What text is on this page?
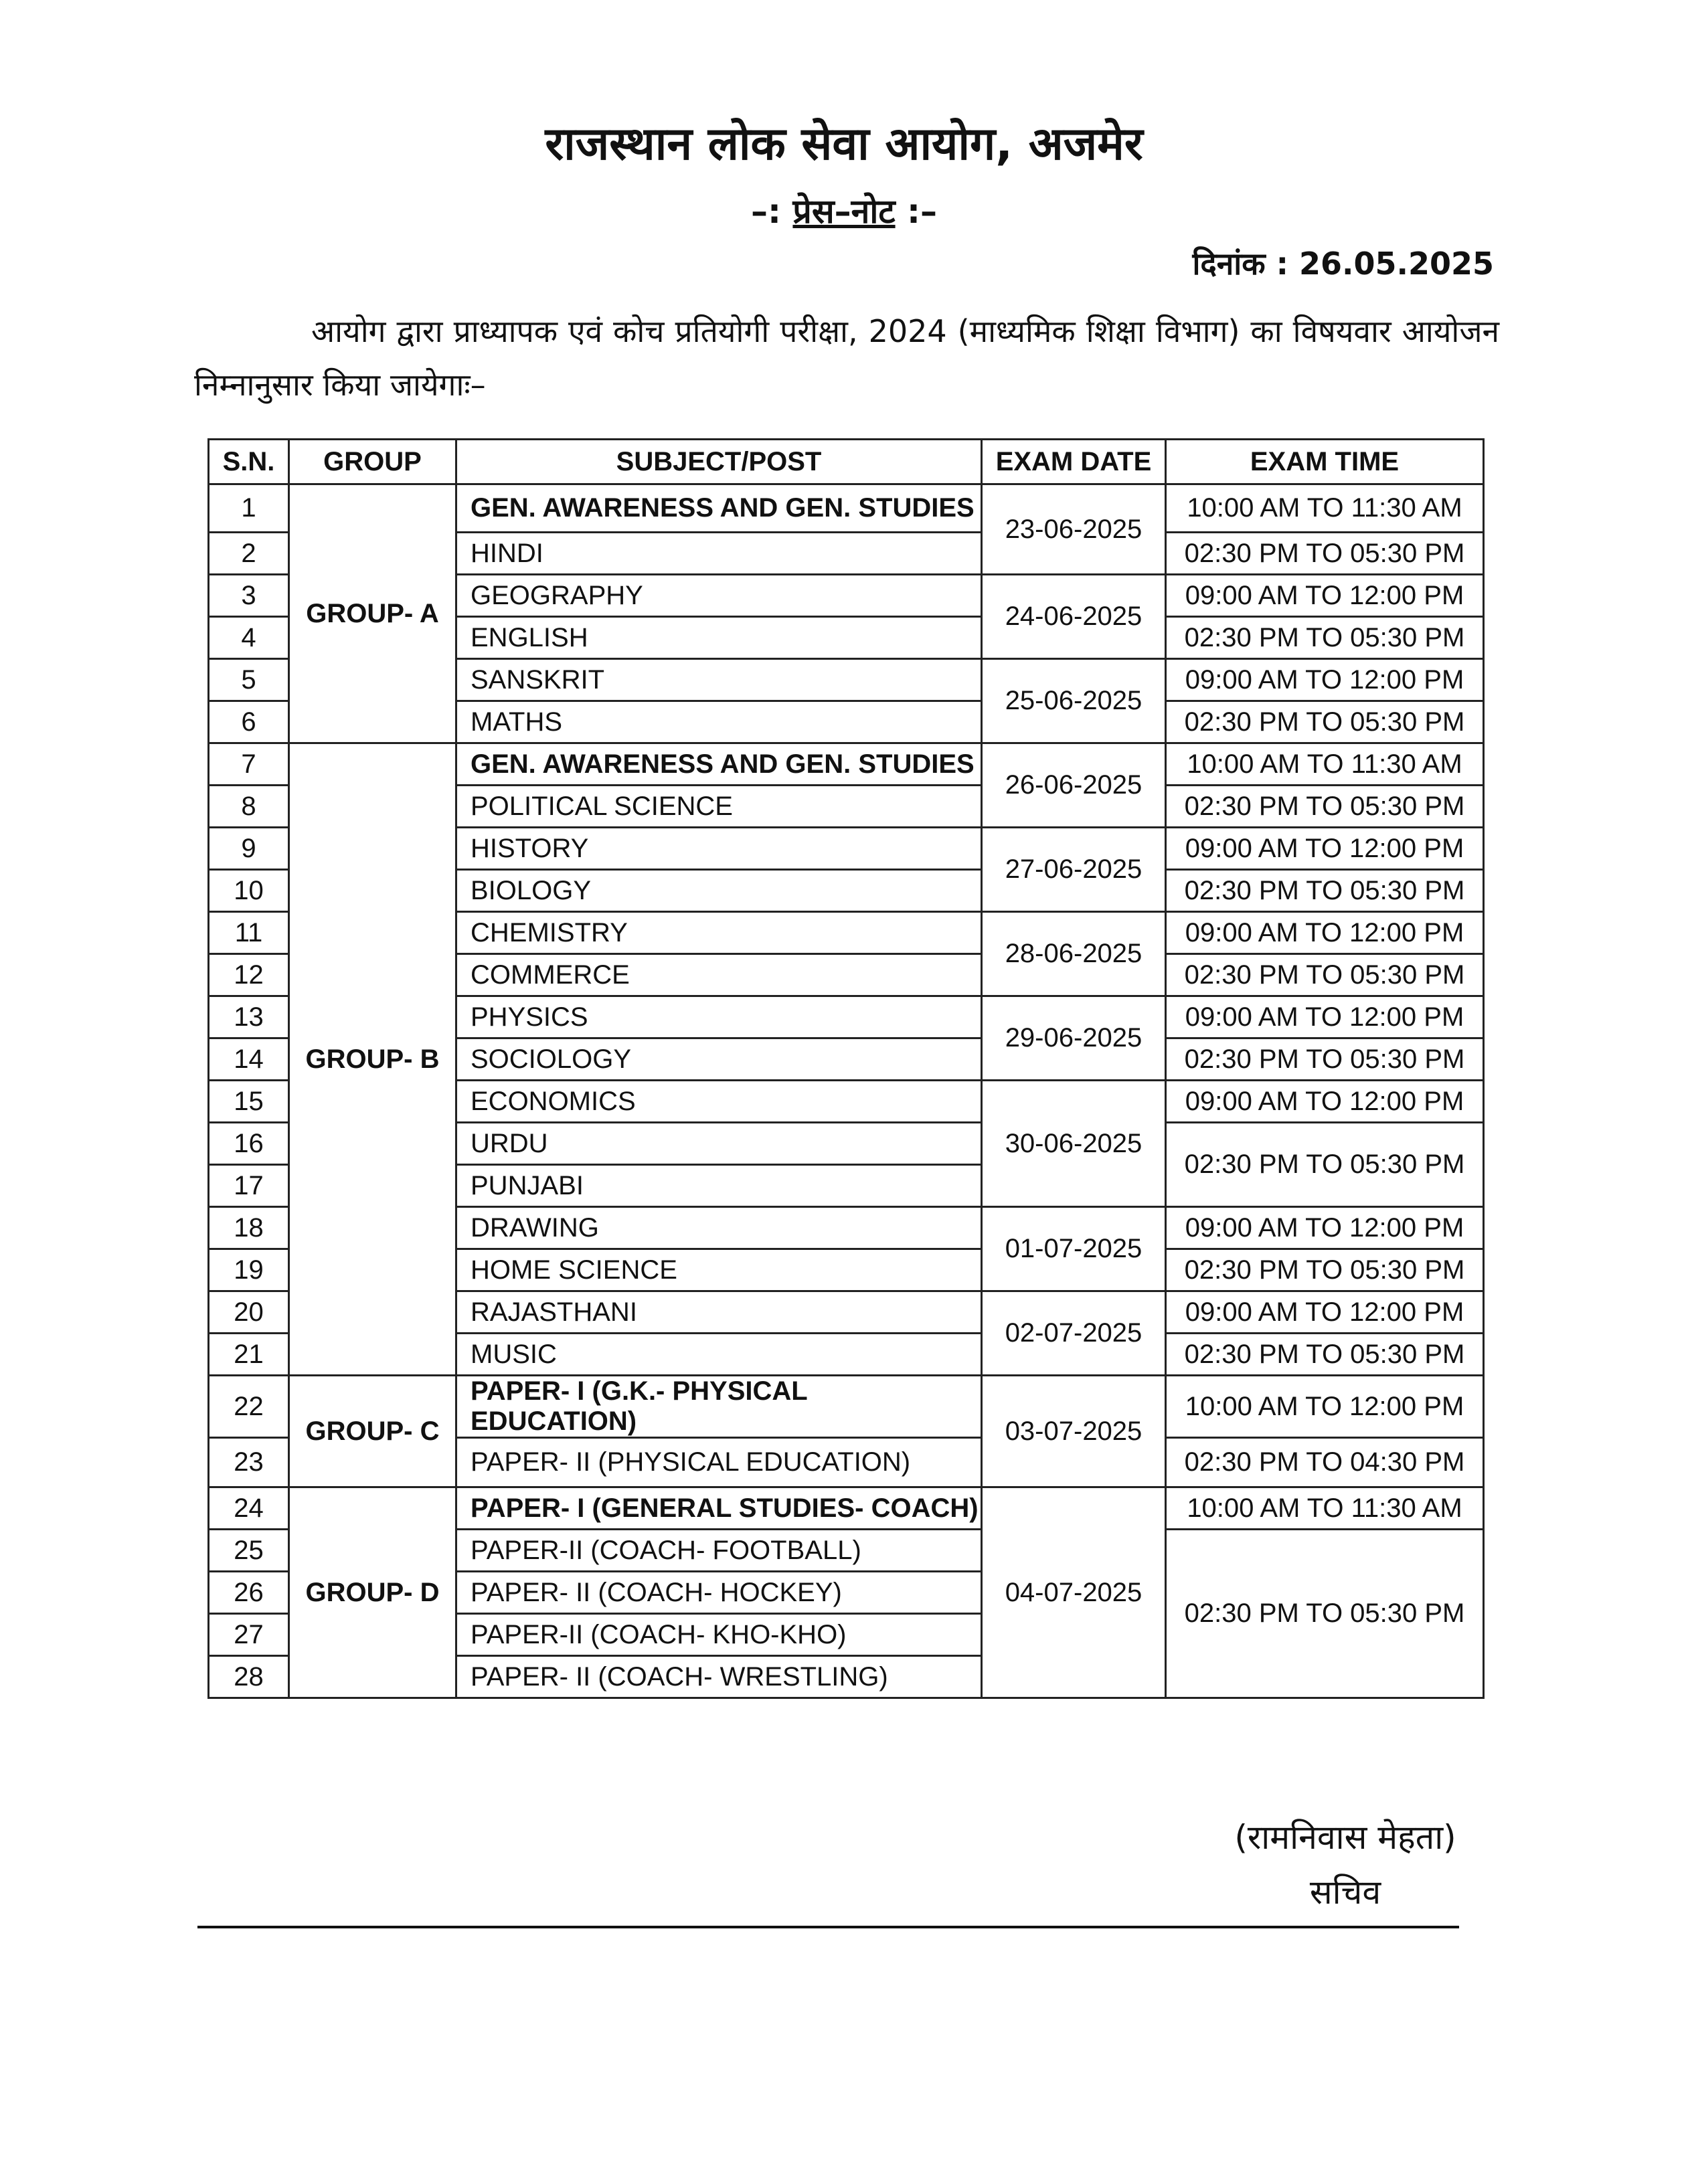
राजस्थान लोक सेवा आयोग, अजमेर
–: प्रेस–नोट :–
दिनांक : 26.05.2025
आयोग द्वारा प्राध्यापक एवं कोच प्रतियोगी परीक्षा, 2024 (माध्यमिक शिक्षा विभाग) का विषयवार आयोजन निम्नानुसार किया जायेगाः–
S.N.	GROUP	SUBJECT/POST	EXAM DATE	EXAM TIME
1	GROUP- A	GEN. AWARENESS AND GEN. STUDIES	23-06-2025	10:00 AM TO 11:30 AM
2		HINDI		02:30 PM TO 05:30 PM
3		GEOGRAPHY	24-06-2025	09:00 AM TO 12:00 PM
4		ENGLISH		02:30 PM TO 05:30 PM
5		SANSKRIT	25-06-2025	09:00 AM TO 12:00 PM
6		MATHS		02:30 PM TO 05:30 PM
7	GROUP- B	GEN. AWARENESS AND GEN. STUDIES	26-06-2025	10:00 AM TO 11:30 AM
8		POLITICAL SCIENCE		02:30 PM TO 05:30 PM
9		HISTORY	27-06-2025	09:00 AM TO 12:00 PM
10		BIOLOGY		02:30 PM TO 05:30 PM
11		CHEMISTRY	28-06-2025	09:00 AM TO 12:00 PM
12		COMMERCE		02:30 PM TO 05:30 PM
13		PHYSICS	29-06-2025	09:00 AM TO 12:00 PM
14		SOCIOLOGY		02:30 PM TO 05:30 PM
15		ECONOMICS	30-06-2025	09:00 AM TO 12:00 PM
16		URDU		02:30 PM TO 05:30 PM
17		PUNJABI		
18		DRAWING	01-07-2025	09:00 AM TO 12:00 PM
19		HOME SCIENCE		02:30 PM TO 05:30 PM
20		RAJASTHANI	02-07-2025	09:00 AM TO 12:00 PM
21		MUSIC		02:30 PM TO 05:30 PM
22	GROUP- C	PAPER- I (G.K.- PHYSICAL EDUCATION)	03-07-2025	10:00 AM TO 12:00 PM
23		PAPER- II (PHYSICAL EDUCATION)		02:30 PM TO 04:30 PM
24	GROUP- D	PAPER- I (GENERAL STUDIES- COACH)	04-07-2025	10:00 AM TO 11:30 AM
25		PAPER-II (COACH- FOOTBALL)		02:30 PM TO 05:30 PM
26		PAPER- II (COACH- HOCKEY)		
27		PAPER-II (COACH- KHO-KHO)		
28		PAPER- II (COACH- WRESTLING)		
(रामनिवास मेहता)
सचिव
